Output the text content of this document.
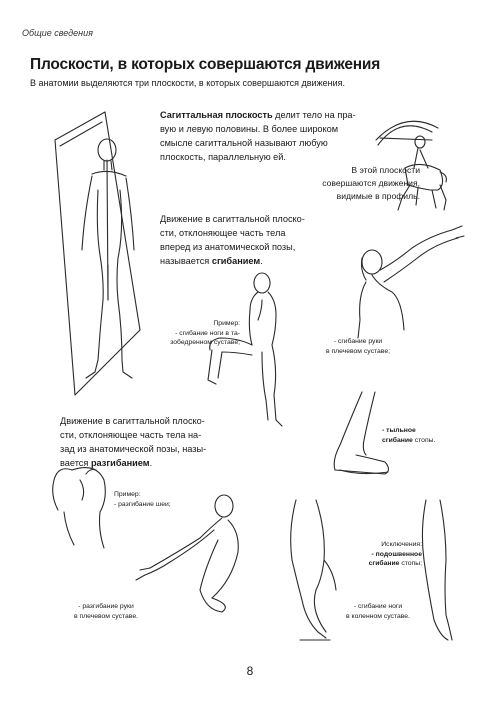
Общие сведения
Плоскости, в которых совершаются движения
В анатомии выделяются три плоскости, в которых совершаются движения.
Сагиттальная плоскость делит тело на пра-
вую и левую половины. В более широком
смысле сагиттальной называют любую
плоскость, параллельную ей.
В этой плоскости
совершаются движения,
видимые в профиль.
Движение в сагиттальной плоско-
сти, отклоняющее часть тела
вперед из анатомической позы,
называется сгибанием.
Пример:
- сгибание ноги в та-
зобедренном суставе;	- сгибание руки
в плечевом суставе;
- тыльное
сгибание стопы.
Движение в сагиттальной плоско-
сти, отклоняющее часть тела на-
зад из анатомической позы, назы-
вается разгибанием.
Пример:
- разгибание шеи;
- разгибание руки
в плечевом суставе.
- сгибание ноги
в коленном суставе.
Исключения:
- подошвенное
сгибание стопы;
8
